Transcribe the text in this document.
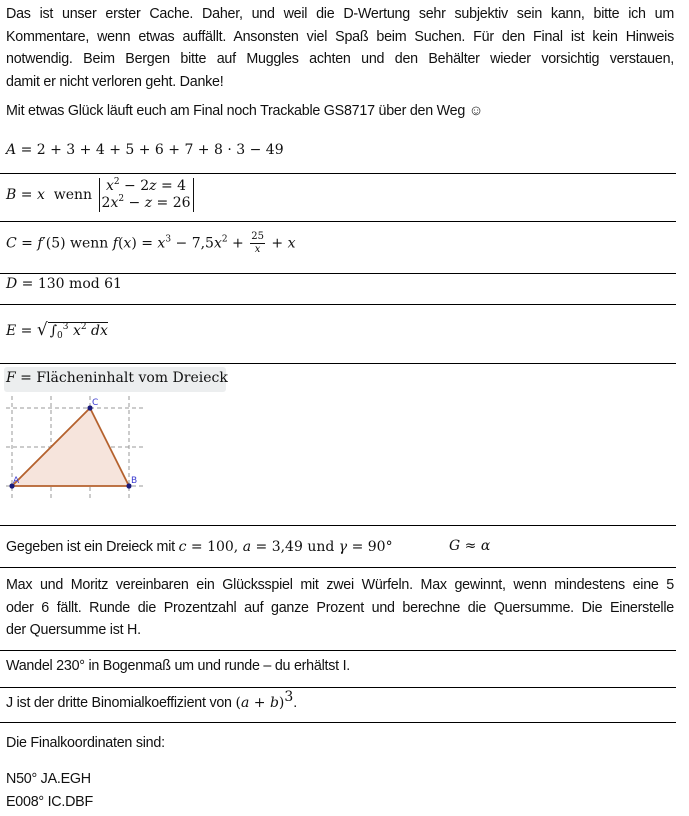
Das ist unser erster Cache. Daher, und weil die D-Wertung sehr subjektiv sein kann, bitte ich um
Kommentare, wenn etwas auffällt. Ansonsten viel Spaß beim Suchen. Für den Final ist kein Hinweis
notwendig. Beim Bergen bitte auf Muggles achten und den Behälter wieder vorsichtig verstauen,
damit er nicht verloren geht. Danke!
Mit etwas Glück läuft euch am Final noch Trackable GS8717 über den Weg ☺
A = 2 + 3 + 4 + 5 + 6 + 7 + 8 · 3 − 49
B = x wenn
$x^2 - 2z = 4$
$2x^2 - z = 26$
C = f′(5) wenn $f(x) = x^3 - 7,5x^2 + \frac{25}{x} + x$
D = 130 mod 61
E = √ $\int_0^3$ $x^2$ dx
F = Flächeninhalt vom Dreieck
A	B
C
Gegeben ist ein Dreieck mit c = 100, a = 3,49 und γ = 90°	G ≈ α
Max und Moritz vereinbaren ein Glücksspiel mit zwei Würfeln. Max gewinnt, wenn mindestens eine 5
oder 6 fällt. Runde die Prozentzahl auf ganze Prozent und berechne die Quersumme. Die Einerstelle
der Quersumme ist H.
Wandel 230° in Bogenmaß um und runde – du erhältst I.
J ist der dritte Binomialkoeffizient von $(a + b)^3$.
Die Finalkoordinaten sind:
N50° JA.EGH
E008° IC.DBF
